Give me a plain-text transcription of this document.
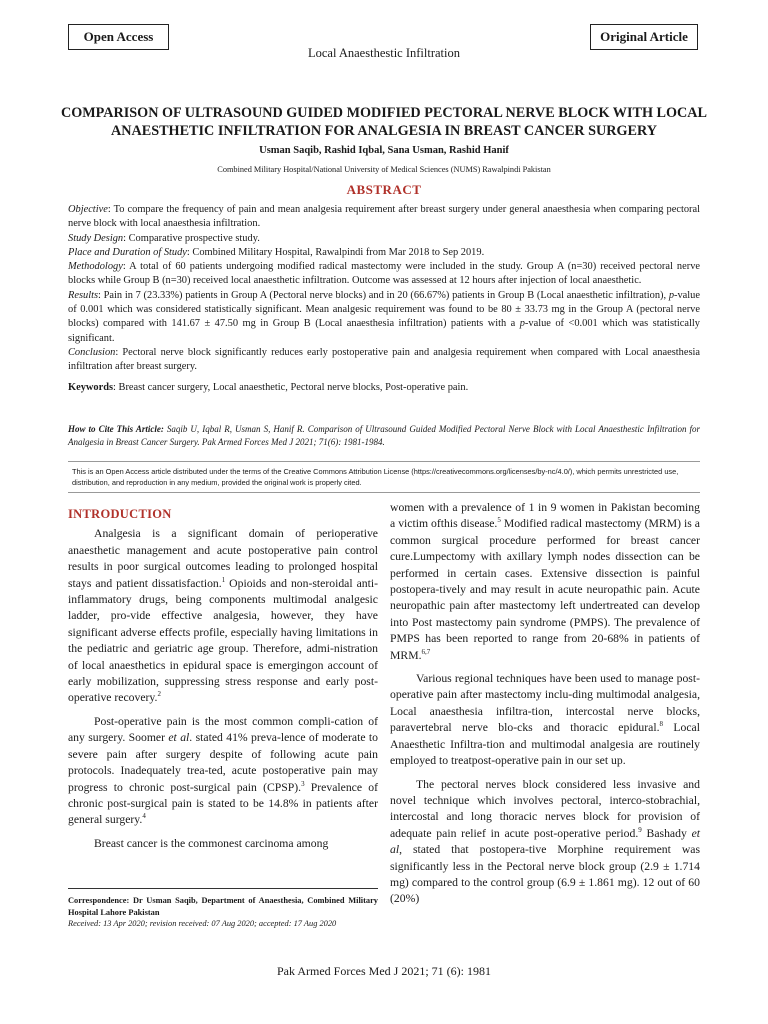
Open Access	Original Article
Local Anaesthestic Infiltration
COMPARISON OF ULTRASOUND GUIDED MODIFIED PECTORAL NERVE BLOCK WITH LOCAL ANAESTHETIC INFILTRATION FOR ANALGESIA IN BREAST CANCER SURGERY
Usman Saqib, Rashid Iqbal, Sana Usman, Rashid Hanif
Combined Military Hospital/National University of Medical Sciences (NUMS) Rawalpindi Pakistan
ABSTRACT

Objective: To compare the frequency of pain and mean analgesia requirement after breast surgery under general anaesthesia when comparing pectoral nerve block with local anaesthesia infiltration.

Study Design: Comparative prospective study.

Place and Duration of Study: Combined Military Hospital, Rawalpindi from Mar 2018 to Sep 2019.

Methodology: A total of 60 patients undergoing modified radical mastectomy were included in the study. Group A (n=30) received pectoral nerve blocks while Group B (n=30) received local anaesthetic infiltration. Outcome was assessed at 12 hours after injection of local anaesthetic.

Results: Pain in 7 (23.33%) patients in Group A (Pectoral nerve blocks) and in 20 (66.67%) patients in Group B (Local anaesthetic infiltration), p-value of 0.001 which was considered statistically significant. Mean analgesic requirement was found to be 80 ± 33.73 mg in the Group A (pectoral nerve blocks) compared with 141.67 ± 47.50 mg in Group B (Local anaesthesia infiltration) patients with a p-value of <0.001 which was statistically significant.

Conclusion: Pectoral nerve block significantly reduces early postoperative pain and analgesia requirement when compared with Local anaesthesia infiltration after breast surgery.

Keywords: Breast cancer surgery, Local anaesthetic, Pectoral nerve blocks, Post-operative pain.

How to Cite This Article: Saqib U, Iqbal R, Usman S, Hanif R. Comparison of Ultrasound Guided Modified Pectoral Nerve Block with Local Anaesthestic Infiltration for Analgesia in Breast Cancer Surgery. Pak Armed Forces Med J 2021; 71(6): 1981-1984.
This is an Open Access article distributed under the terms of the Creative Commons Attribution License (https://creativecommons.org/licenses/by-nc/4.0/), which permits unrestricted use, distribution, and reproduction in any medium, provided the original work is properly cited.
INTRODUCTION

Analgesia is a significant domain of perioperative anaesthetic management and acute postoperative pain control results in poor surgical outcomes leading to prolonged hospital stays and patient dissatisfaction.$^1$ Opioids and non-steroidal anti-inflammatory drugs, being components multimodal analgesic ladder, pro-vide effective analgesia, however, they have significant adverse effects profile, especially having limitations in the pediatric and geriatric age group. Therefore, admi-nistration of local anaesthetics in epidural space is emergingon account of early mobilization, suppressing stress response and early post-operative recovery.$^2$

Post-operative pain is the most common compli-cation of any surgery. Soomer et al. stated 41% preva-lence of moderate to severe pain after surgery despite of following acute pain protocols. Inadequately trea-ted, acute postoperative pain may progress to chronic post-surgical pain (CPSP).$^3$ Prevalence of chronic post-surgical pain is stated to be 14.8% in patients after general surgery.$^4$

Breast cancer is the commonest carcinoma among

women with a prevalence of 1 in 9 women in Pakistan becoming a victim ofthis disease.$^5$ Modified radical mastectomy (MRM) is a common surgical procedure performed for breast cancer cure.Lumpectomy with axillary lymph nodes dissection can be performed in certain cases. Extensive dissection is painful postopera-tively and may result in acute neuropathic pain. Acute neuropathic pain after mastectomy left undertreated can develop into Post mastectomy pain syndrome (PMPS). The prevalence of PMPS has been reported to range from 20-68% in patients of MRM.$^{6,7}$

Various regional techniques have been used to manage post-operative pain after mastectomy inclu-ding multimodal analgesia, Local anaesthesia infiltra-tion, intercostal nerve blocks, paravertebral nerve blo-cks and thoracic epidural.$^8$ Local Anaesthetic Infiltra-tion and multimodal analgesia are routinely employed to treatpost-operative pain in our set up.

The pectoral nerves block considered less invasive and novel technique which involves pectoral, interco-stobrachial, intercostal and long thoracic nerves block for provision of adequate pain relief in acute post-operative period.$^9$ Bashady et al, stated that postopera-tive Morphine requirement was significantly less in the Pectoral nerve block group (2.9 ± 1.714 mg) compared to the control group (6.9 ± 1.861 mg). 12 out of 60 (20%)

Correspondence: Dr Usman Saqib, Department of Anaesthesia, Combined Military Hospital Lahore Pakistan
Received: 13 Apr 2020; revision received: 07 Aug 2020; accepted: 17 Aug 2020
Pak Armed Forces Med J 2021; 71 (6): 1981
